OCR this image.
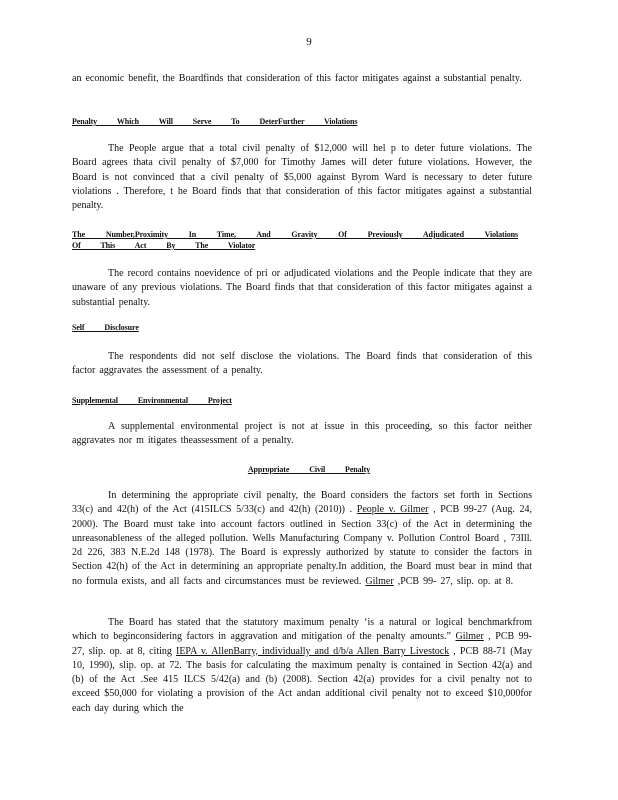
9
an economic benefit, the Boardfinds that consideration of this factor mitigates against a substantial penalty.
Penalty Which Will Serve To DeterFurther Violations
The People argue that a total civil penalty of $12,000 will hel p to deter future violations. The Board agrees thata civil penalty of $7,000 for Timothy James will deter future violations. However, the Board is not convinced that a civil penalty of $5,000 against Byrom Ward is necessary to deter future violations . Therefore, t he Board finds that that consideration of this factor mitigates against a substantial penalty.
The Number,Proximity In Time, And Gravity Of Previously Adjudicated Violations Of This Act By The Violator
The record contains noevidence of pri or adjudicated violations and the People indicate that they are unaware of any previous violations. The Board finds that that consideration of this factor mitigates against a substantial penalty.
Self Disclosure
The respondents did not self disclose the violations. The Board finds that consideration of this factor aggravates the assessment of a penalty.
Supplemental Environmental Project
A supplemental environmental project is not at issue in this proceeding, so this factor neither aggravates nor m itigates theassessment of a penalty.
Appropriate Civil Penalty
In determining the appropriate civil penalty, the Board considers the factors set forth in Sections 33(c) and 42(h) of the Act (415ILCS 5/33(c) and 42(h) (2010)) . People v. Gilmer , PCB 99-27 (Aug. 24, 2000). The Board must take into account factors outlined in Section 33(c) of the Act in determining the unreasonableness of the alleged pollution. Wells Manufacturing Company v. Pollution Control Board , 73Ill. 2d 226, 383 N.E.2d 148 (1978). The Board is expressly authorized by statute to consider the factors in Section 42(h) of the Act in determining an appropriate penalty.In addition, the Board must bear in mind that no formula exists, and all facts and circumstances must be reviewed. Gilmer ,PCB 99- 27, slip. op. at 8.
The Board has stated that the statutory maximum penalty ‘is a natural or logical benchmarkfrom which to beginconsidering factors in aggravation and mitigation of the penalty amounts.” Gilmer , PCB 99-27, slip. op. at 8, citing IEPA v. AllenBarry, individually and d/b/a Allen Barry Livestock , PCB 88-71 (May 10, 1990), slip. op. at 72. The basis for calculating the maximum penalty is contained in Section 42(a) and (b) of the Act .See 415 ILCS 5/42(a) and (b) (2008). Section 42(a) provides for a civil penalty not to exceed $50,000 for violating a provision of the Act andan additional civil penalty not to exceed $10,000for each day during which the
